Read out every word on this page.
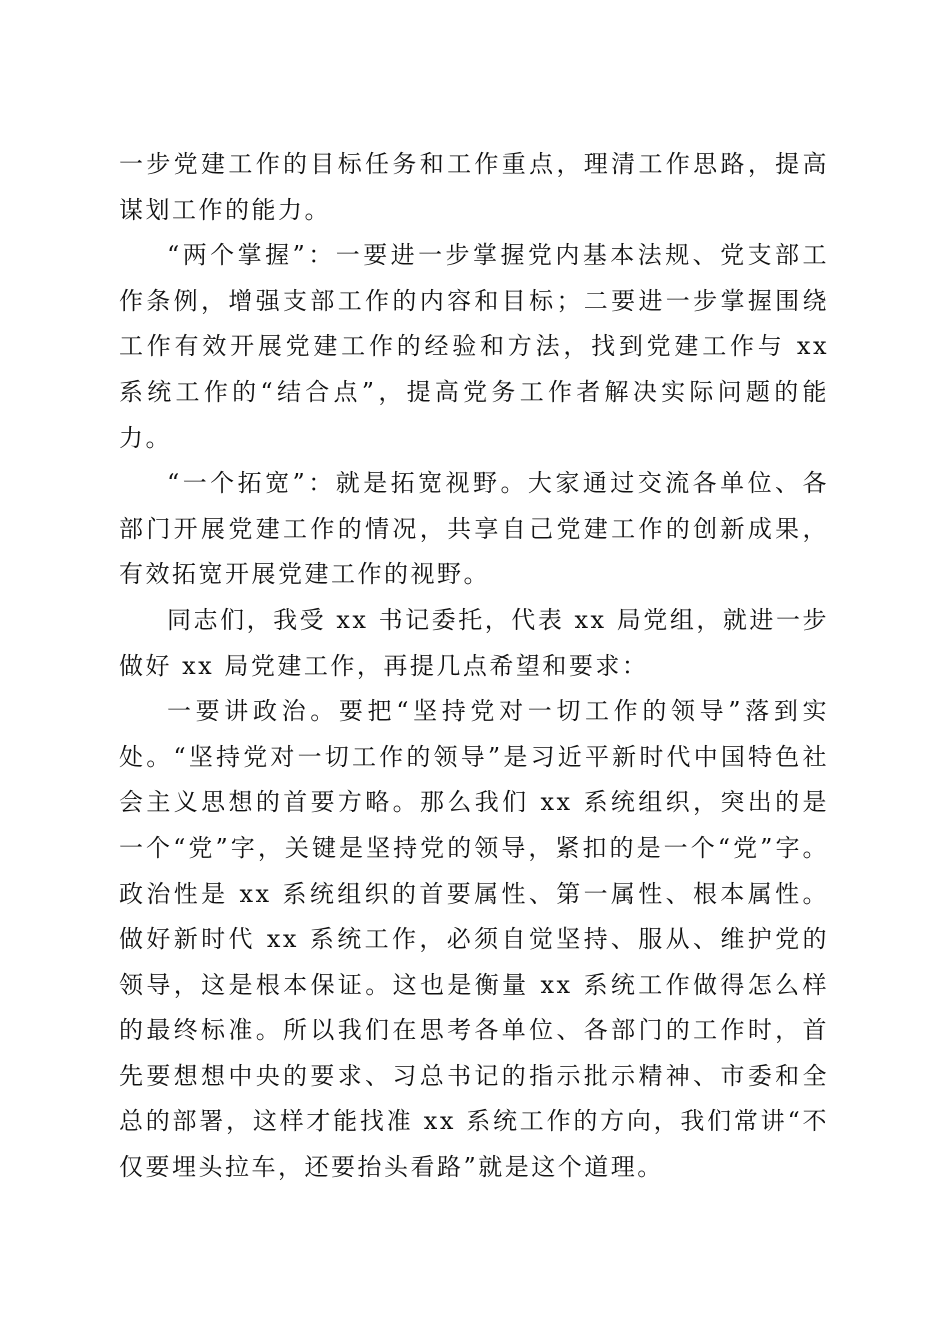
一步党建工作的目标任务和工作重点，理清工作思路，提高谋划工作的能力。

“两个掌握”：一要进一步掌握党内基本法规、党支部工作条例，增强支部工作的内容和目标；二要进一步掌握围绕工作有效开展党建工作的经验和方法，找到党建工作与 xx 系统工作的“结合点”，提高党务工作者解决实际问题的能力。

“一个拓宽”：就是拓宽视野。大家通过交流各单位、各部门开展党建工作的情况，共享自己党建工作的创新成果，有效拓宽开展党建工作的视野。

同志们，我受 xx 书记委托，代表 xx 局党组，就进一步做好 xx 局党建工作，再提几点希望和要求：

一要讲政治。要把“坚持党对一切工作的领导”落到实处。“坚持党对一切工作的领导”是习近平新时代中国特色社会主义思想的首要方略。那么我们 xx 系统组织，突出的是一个“党”字，关键是坚持党的领导，紧扣的是一个“党”字。政治性是 xx 系统组织的首要属性、第一属性、根本属性。做好新时代 xx 系统工作，必须自觉坚持、服从、维护党的领导，这是根本保证。这也是衡量 xx 系统工作做得怎么样的最终标准。所以我们在思考各单位、各部门的工作时，首先要想想中央的要求、习总书记的指示批示精神、市委和全总的部署，这样才能找准 xx 系统工作的方向，我们常讲“不仅要埋头拉车，还要抬头看路”就是这个道理。
